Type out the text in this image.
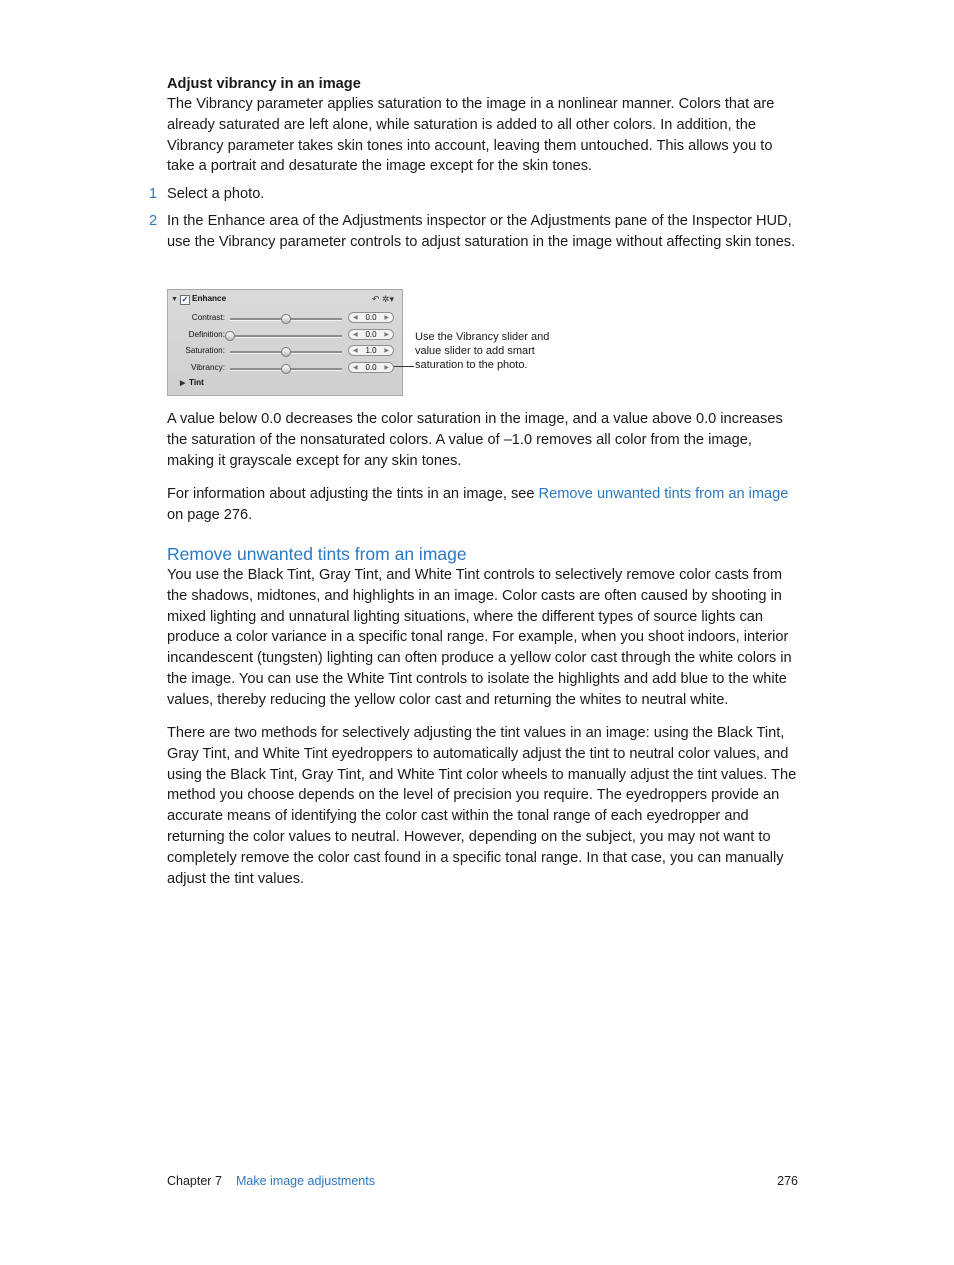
Adjust vibrancy in an image

The Vibrancy parameter applies saturation to the image in a nonlinear manner. Colors that are already saturated are left alone, while saturation is added to all other colors. In addition, the Vibrancy parameter takes skin tones into account, leaving them untouched. This allows you to take a portrait and desaturate the image except for the skin tones.

1 Select a photo.
2 In the Enhance area of the Adjustments inspector or the Adjustments pane of the Inspector HUD, use the Vibrancy parameter controls to adjust saturation in the image without affecting skin tones.
▼ ✓ Enhance	↶ ✲▾
Contrast:	◀ 0.0	▶
Definition:	◀ 0.0	▶
Saturation:	◀ 1.0	▶
Vibrancy:	◀ 0.0	▶
▶ Tint
Use the Vibrancy slider and value slider to add smart saturation to the photo.
A value below 0.0 decreases the color saturation in the image, and a value above 0.0 increases the saturation of the nonsaturated colors. A value of –1.0 removes all color from the image, making it grayscale except for any skin tones.
For information about adjusting the tints in an image, see Remove unwanted tints from an image on page 276.
Remove unwanted tints from an image

You use the Black Tint, Gray Tint, and White Tint controls to selectively remove color casts from the shadows, midtones, and highlights in an image. Color casts are often caused by shooting in mixed lighting and unnatural lighting situations, where the different types of source lights can produce a color variance in a specific tonal range. For example, when you shoot indoors, interior incandescent (tungsten) lighting can often produce a yellow color cast through the white colors in the image. You can use the White Tint controls to isolate the highlights and add blue to the white values, thereby reducing the yellow color cast and returning the whites to neutral white.

There are two methods for selectively adjusting the tint values in an image: using the Black Tint, Gray Tint, and White Tint eyedroppers to automatically adjust the tint to neutral color values, and using the Black Tint, Gray Tint, and White Tint color wheels to manually adjust the tint values. The method you choose depends on the level of precision you require. The eyedroppers provide an accurate means of identifying the color cast within the tonal range of each eyedropper and returning the color values to neutral. However, depending on the subject, you may not want to completely remove the color cast found in a specific tonal range. In that case, you can manually adjust the tint values.
Chapter 7 Make image adjustments	276
